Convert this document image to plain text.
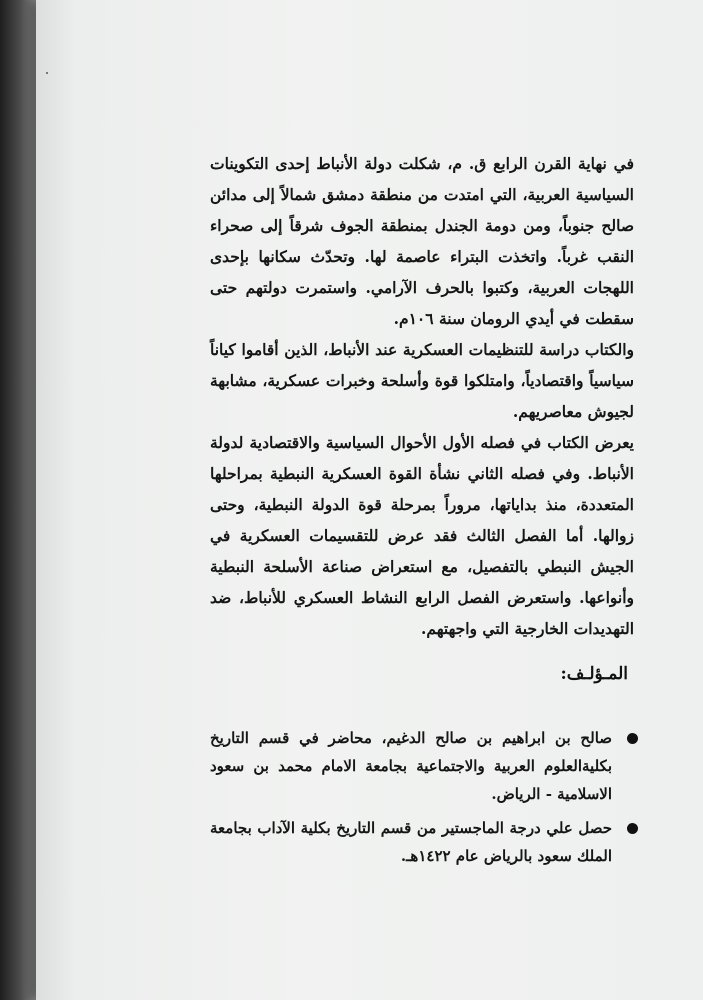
في نهاية القرن الرابع ق. م، شكلت دولة الأنباط إحدى التكوينات السياسية العربية، التي امتدت من منطقة دمشق شمالاً إلى مدائن صالح جنوباً، ومن دومة الجندل بمنطقة الجوف شرقاً إلى صحراء النقب غرباً. واتخذت البتراء عاصمة لها. وتحدّث سكانها بإحدى اللهجات العربية، وكتبوا بالحرف الآرامي. واستمرت دولتهم حتى سقطت في أيدي الرومان سنة ١٠٦م.

والكتاب دراسة للتنظيمات العسكرية عند الأنباط، الذين أقاموا كياناً سياسياً واقتصادياً، وامتلكوا قوة وأسلحة وخبرات عسكرية، مشابهة لجيوش معاصريهم.

يعرض الكتاب في فصله الأول الأحوال السياسية والاقتصادية لدولة الأنباط. وفي فصله الثاني نشأة القوة العسكرية النبطية بمراحلها المتعددة، منذ بداياتها، مروراً بمرحلة قوة الدولة النبطية، وحتى زوالها. أما الفصل الثالث فقد عرض للتقسيمات العسكرية في الجيش النبطي بالتفصيل، مع استعراض صناعة الأسلحة النبطية وأنواعها. واستعرض الفصل الرابع النشاط العسكري للأنباط، ضد التهديدات الخارجية التي واجهتهم.

المـؤلـف:
صالح بن ابراهيم بن صالح الدغيم، محاضر في قسم التاريخ بكليةالعلوم العربية والاجتماعية بجامعة الامام محمد بن سعود الاسلامية - الرياض.
حصل علي درجة الماجستير من قسم التاريخ بكلية الآداب بجامعة الملك سعود بالرياض عام ١٤٢٢هـ.
